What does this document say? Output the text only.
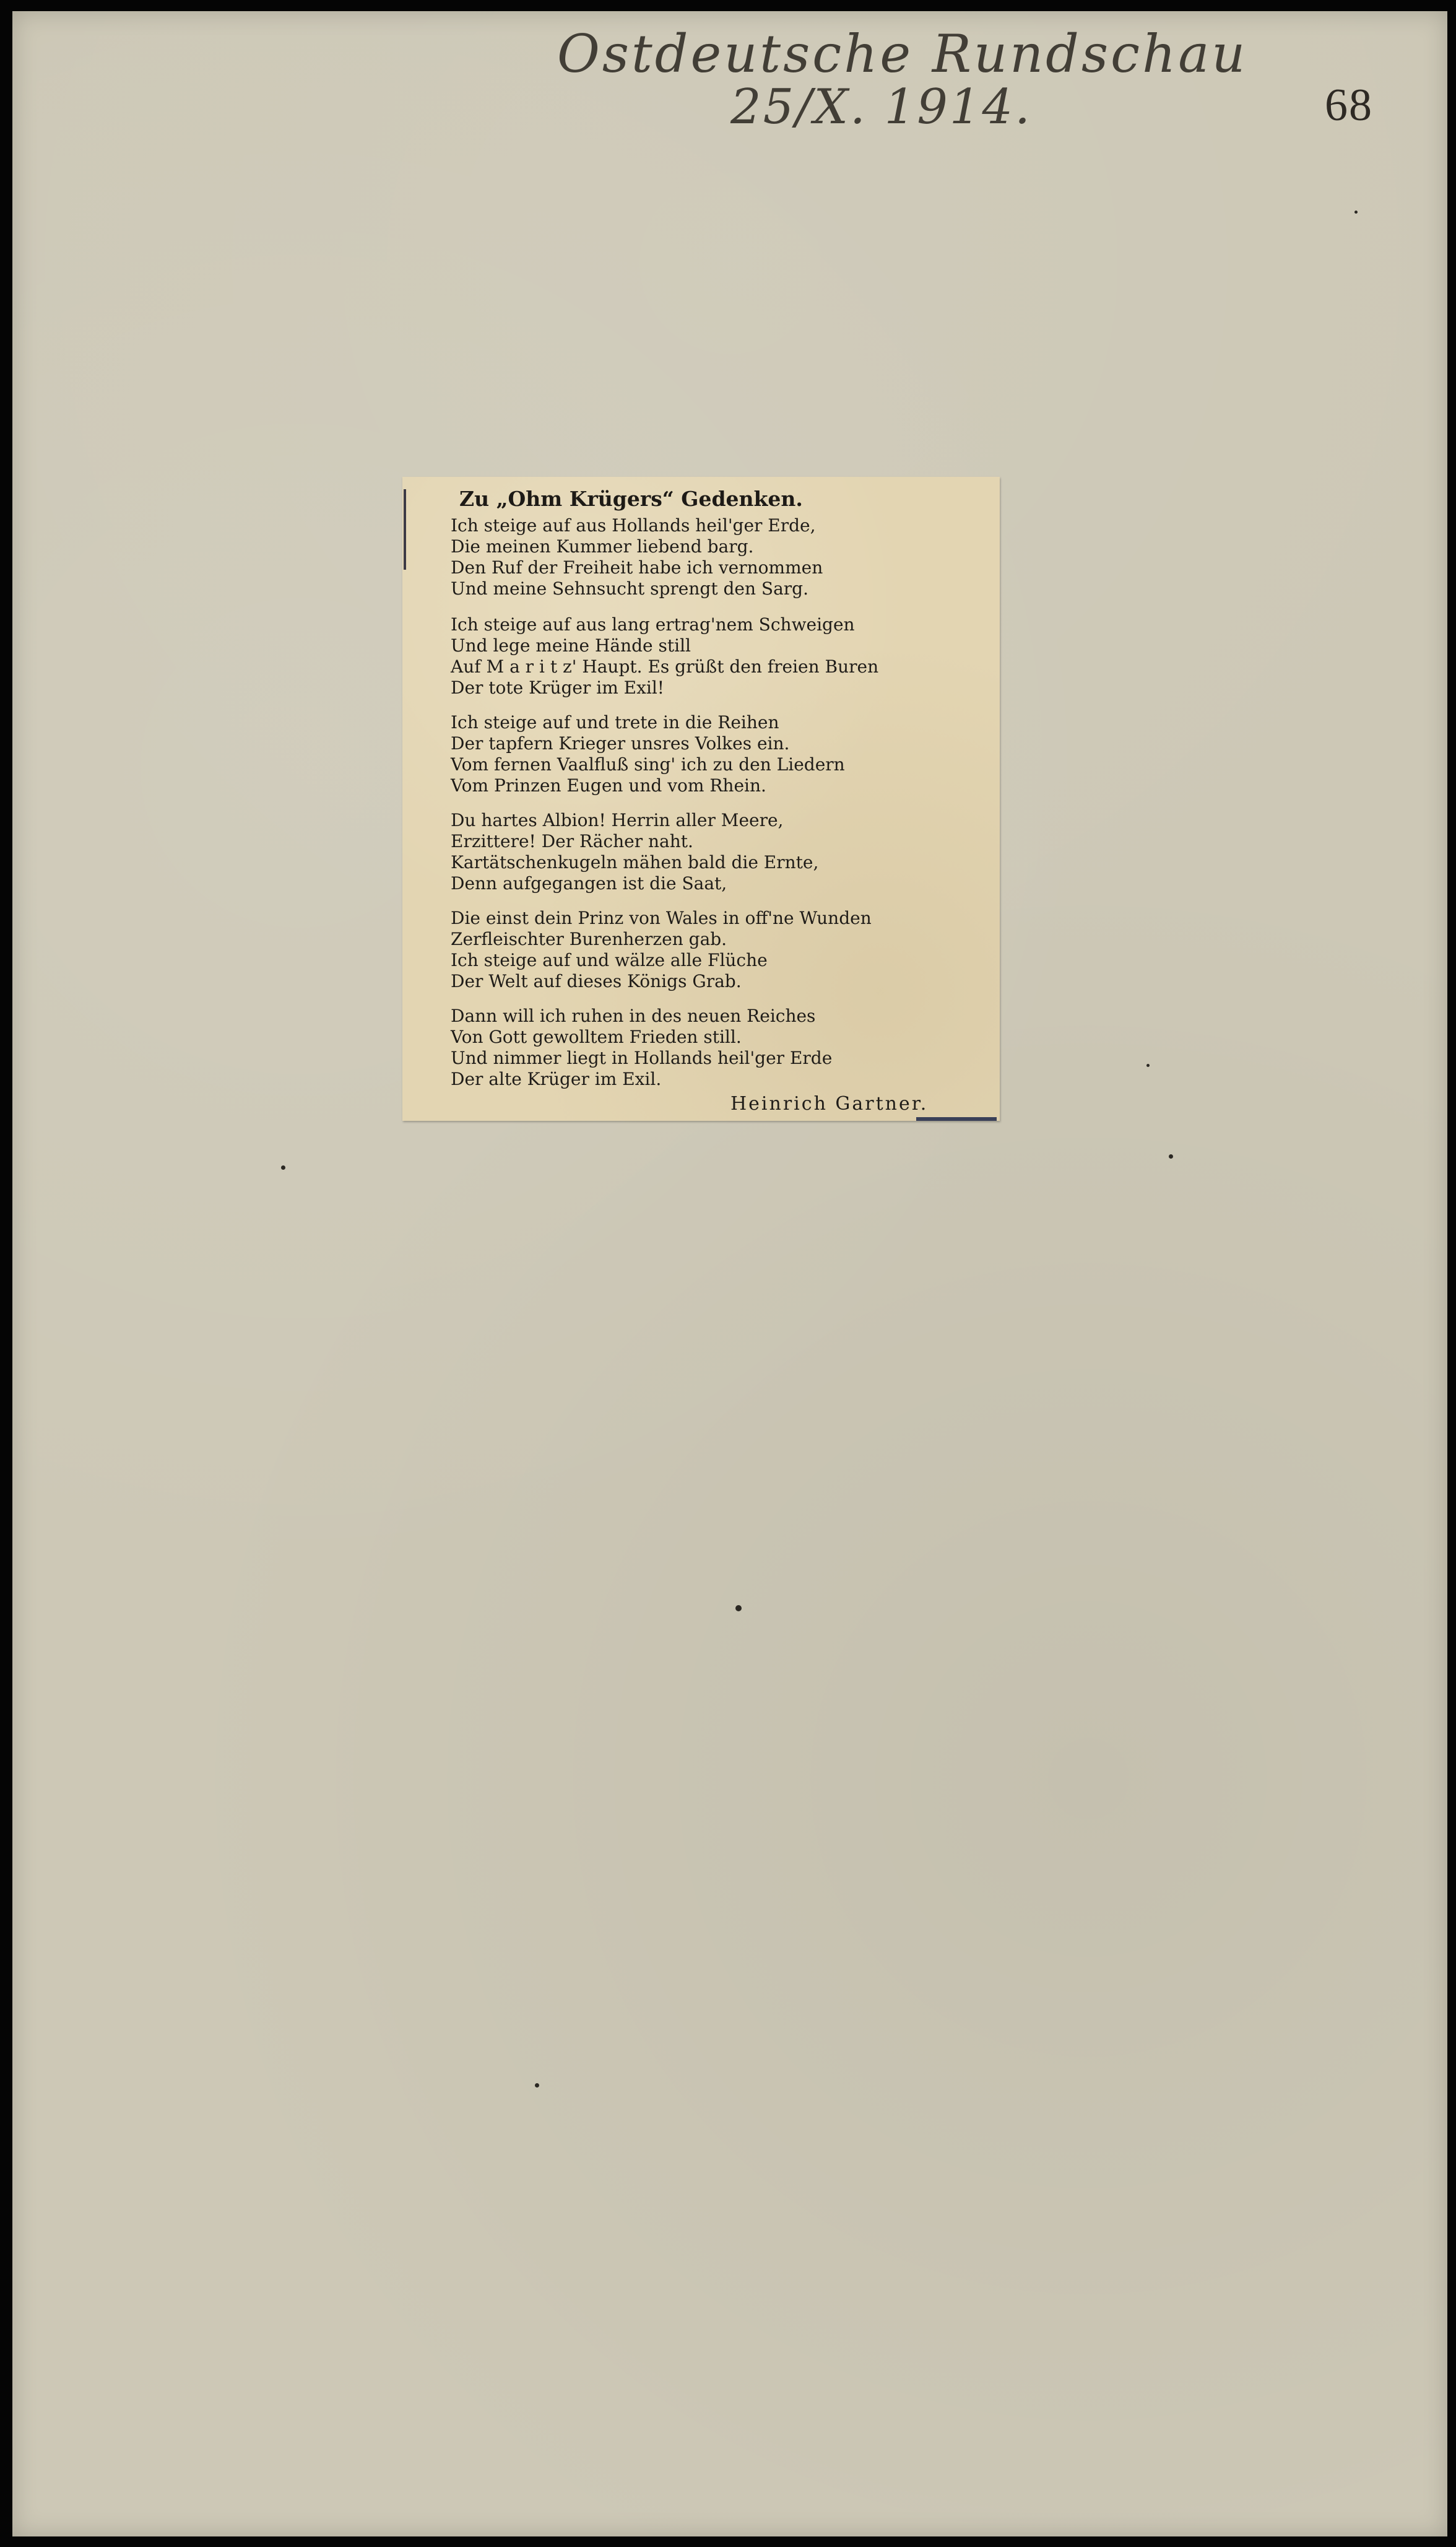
Ostdeutsche Rundschau
25/X. 1914.	68
Zu „Ohm Krügers“ Gedenken.
Ich steige auf aus Hollands heil'ger Erde,
Die meinen Kummer liebend barg.
Den Ruf der Freiheit habe ich vernommen
Und meine Sehnsucht sprengt den Sarg.
Ich steige auf aus lang ertrag'nem Schweigen
Und lege meine Hände still
Auf M a r i t z' Haupt. Es grüßt den freien Buren
Der tote Krüger im Exil!
Ich steige auf und trete in die Reihen
Der tapfern Krieger unsres Volkes ein.
Vom fernen Vaalfluß sing' ich zu den Liedern
Vom Prinzen Eugen und vom Rhein.
Du hartes Albion! Herrin aller Meere,
Erzittere! Der Rächer naht.
Kartätschenkugeln mähen bald die Ernte,
Denn aufgegangen ist die Saat,
Die einst dein Prinz von Wales in off'ne Wunden
Zerfleischter Burenherzen gab.
Ich steige auf und wälze alle Flüche
Der Welt auf dieses Königs Grab.
Dann will ich ruhen in des neuen Reiches
Von Gott gewolltem Frieden still.
Und nimmer liegt in Hollands heil'ger Erde
Der alte Krüger im Exil.
Heinrich Gartner.
